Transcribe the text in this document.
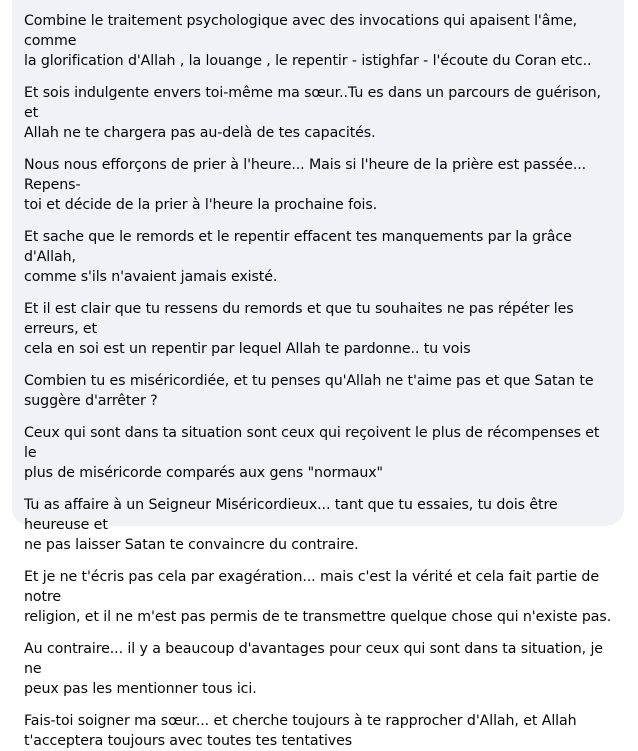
Combine le traitement psychologique avec des invocations qui apaisent l'âme, comme
la glorification d'Allah , la louange , le repentir - istighfar - l'écoute du Coran etc..

Et sois indulgente envers toi-même ma sœur..Tu es dans un parcours de guérison, et
Allah ne te chargera pas au-delà de tes capacités.

Nous nous efforçons de prier à l'heure... Mais si l'heure de la prière est passée... Repens-
toi et décide de la prier à l'heure la prochaine fois.

Et sache que le remords et le repentir effacent tes manquements par la grâce d'Allah,
comme s'ils n'avaient jamais existé.

Et il est clair que tu ressens du remords et que tu souhaites ne pas répéter les erreurs, et
cela en soi est un repentir par lequel Allah te pardonne.. tu vois

Combien tu es miséricordiée, et tu penses qu'Allah ne t'aime pas et que Satan te
suggère d'arrêter ?

Ceux qui sont dans ta situation sont ceux qui reçoivent le plus de récompenses et le
plus de miséricorde comparés aux gens "normaux"

Tu as affaire à un Seigneur Miséricordieux... tant que tu essaies, tu dois être heureuse et
ne pas laisser Satan te convaincre du contraire.

Et je ne t'écris pas cela par exagération... mais c'est la vérité et cela fait partie de notre
religion, et il ne m'est pas permis de te transmettre quelque chose qui n'existe pas.

Au contraire... il y a beaucoup d'avantages pour ceux qui sont dans ta situation, je ne
peux pas les mentionner tous ici.

Fais-toi soigner ma sœur... et cherche toujours à te rapprocher d'Allah, et Allah
t'acceptera toujours avec toutes tes tentatives
